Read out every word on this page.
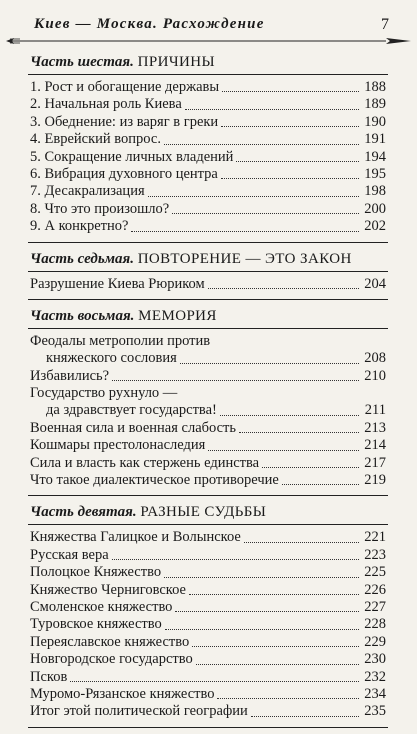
Киев — Москва. Расхождение	7
Часть шестая. ПРИЧИНЫ
1. Рост и обогащение державы	188
2. Начальная роль Киева	189
3. Обеднение: из варяг в греки	190
4. Еврейский вопрос.	191
5. Сокращение личных владений	194
6. Вибрация духовного центра	195
7. Десакрализация	198
8. Что это произошло?	200
9. А конкретно?	202
Часть седьмая. ПОВТОРЕНИЕ — ЭТО ЗАКОН
Разрушение Киева Рюриком	204
Часть восьмая. МЕМОРИЯ
Феодалы метрополии против
княжеского сословия	208
Избавились?	210
Государство рухнуло —
да здравствует государства!	211
Военная сила и военная слабость	213
Кошмары престолонаследия	214
Сила и власть как стержень единства	217
Что такое диалектическое противоречие	219
Часть девятая. РАЗНЫЕ СУДЬБЫ
Княжества Галицкое и Волынское	221
Русская вера	223
Полоцкое Княжество	225
Княжество Черниговское	226
Смоленское княжество	227
Туровское княжество	228
Переяславское княжество	229
Новгородское государство	230
Псков	232
Муромо-Рязанское княжество	234
Итог этой политической географии	235
